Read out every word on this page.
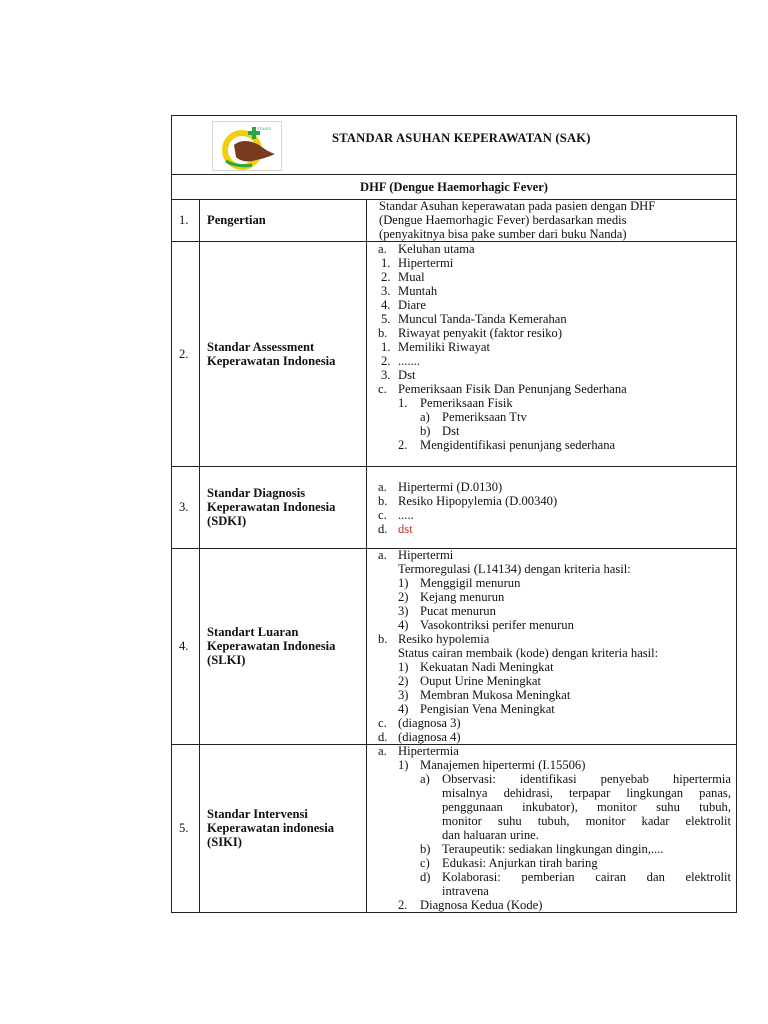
STIKES
STANDAR ASUHAN KEPERAWATAN (SAK)
DHF (Dengue Haemorhagic Fever)
1. Pengertian
Standar Asuhan keperawatan pada pasien dengan DHF
(Dengue Haemorhagic Fever) berdasarkan medis
(penyakitnya bisa pake sumber dari buku Nanda)
2. Standar Assessment
Keperawatan Indonesia
a. Keluhan utama
1. Hipertermi
2. Mual
3. Muntah
4. Diare
5. Muncul Tanda-Tanda Kemerahan
b. Riwayat penyakit (faktor resiko)
1. Memiliki Riwayat
2. .......
3. Dst
c. Pemeriksaan Fisik Dan Penunjang Sederhana
1. Pemeriksaan Fisik
a) Pemeriksaan Ttv
b) Dst
2. Mengidentifikasi penunjang sederhana
3.
Standar Diagnosis
Keperawatan Indonesia
(SDKI)
a. Hipertermi (D.0130)
b. Resiko Hipopylemia (D.00340)
c. .....
d. dst
4.
Standart Luaran
Keperawatan Indonesia
(SLKI)
a. Hipertermi
Termoregulasi (L14134) dengan kriteria hasil:
1) Menggigil menurun
2) Kejang menurun
3) Pucat menurun
4) Vasokontriksi perifer menurun
b. Resiko hypolemia
Status cairan membaik (kode) dengan kriteria hasil:
1) Kekuatan Nadi Meningkat
2) Ouput Urine Meningkat
3) Membran Mukosa Meningkat
4) Pengisian Vena Meningkat
c. (diagnosa 3)
d. (diagnosa 4)
5.
Standar Intervensi
Keperawatan indonesia
(SIKI)
a. Hipertermia
1) Manajemen hipertermi (I.15506)
a) Observasi: identifikasi penyebab hipertermia
misalnya dehidrasi, terpapar lingkungan panas,
penggunaan inkubator), monitor suhu tubuh,
monitor suhu tubuh, monitor kadar elektrolit
dan haluaran urine.
b) Teraupeutik: sediakan lingkungan dingin,....
c) Edukasi: Anjurkan tirah baring
d) Kolaborasi: pemberian cairan dan elektrolit
intravena
2. Diagnosa Kedua (Kode)
